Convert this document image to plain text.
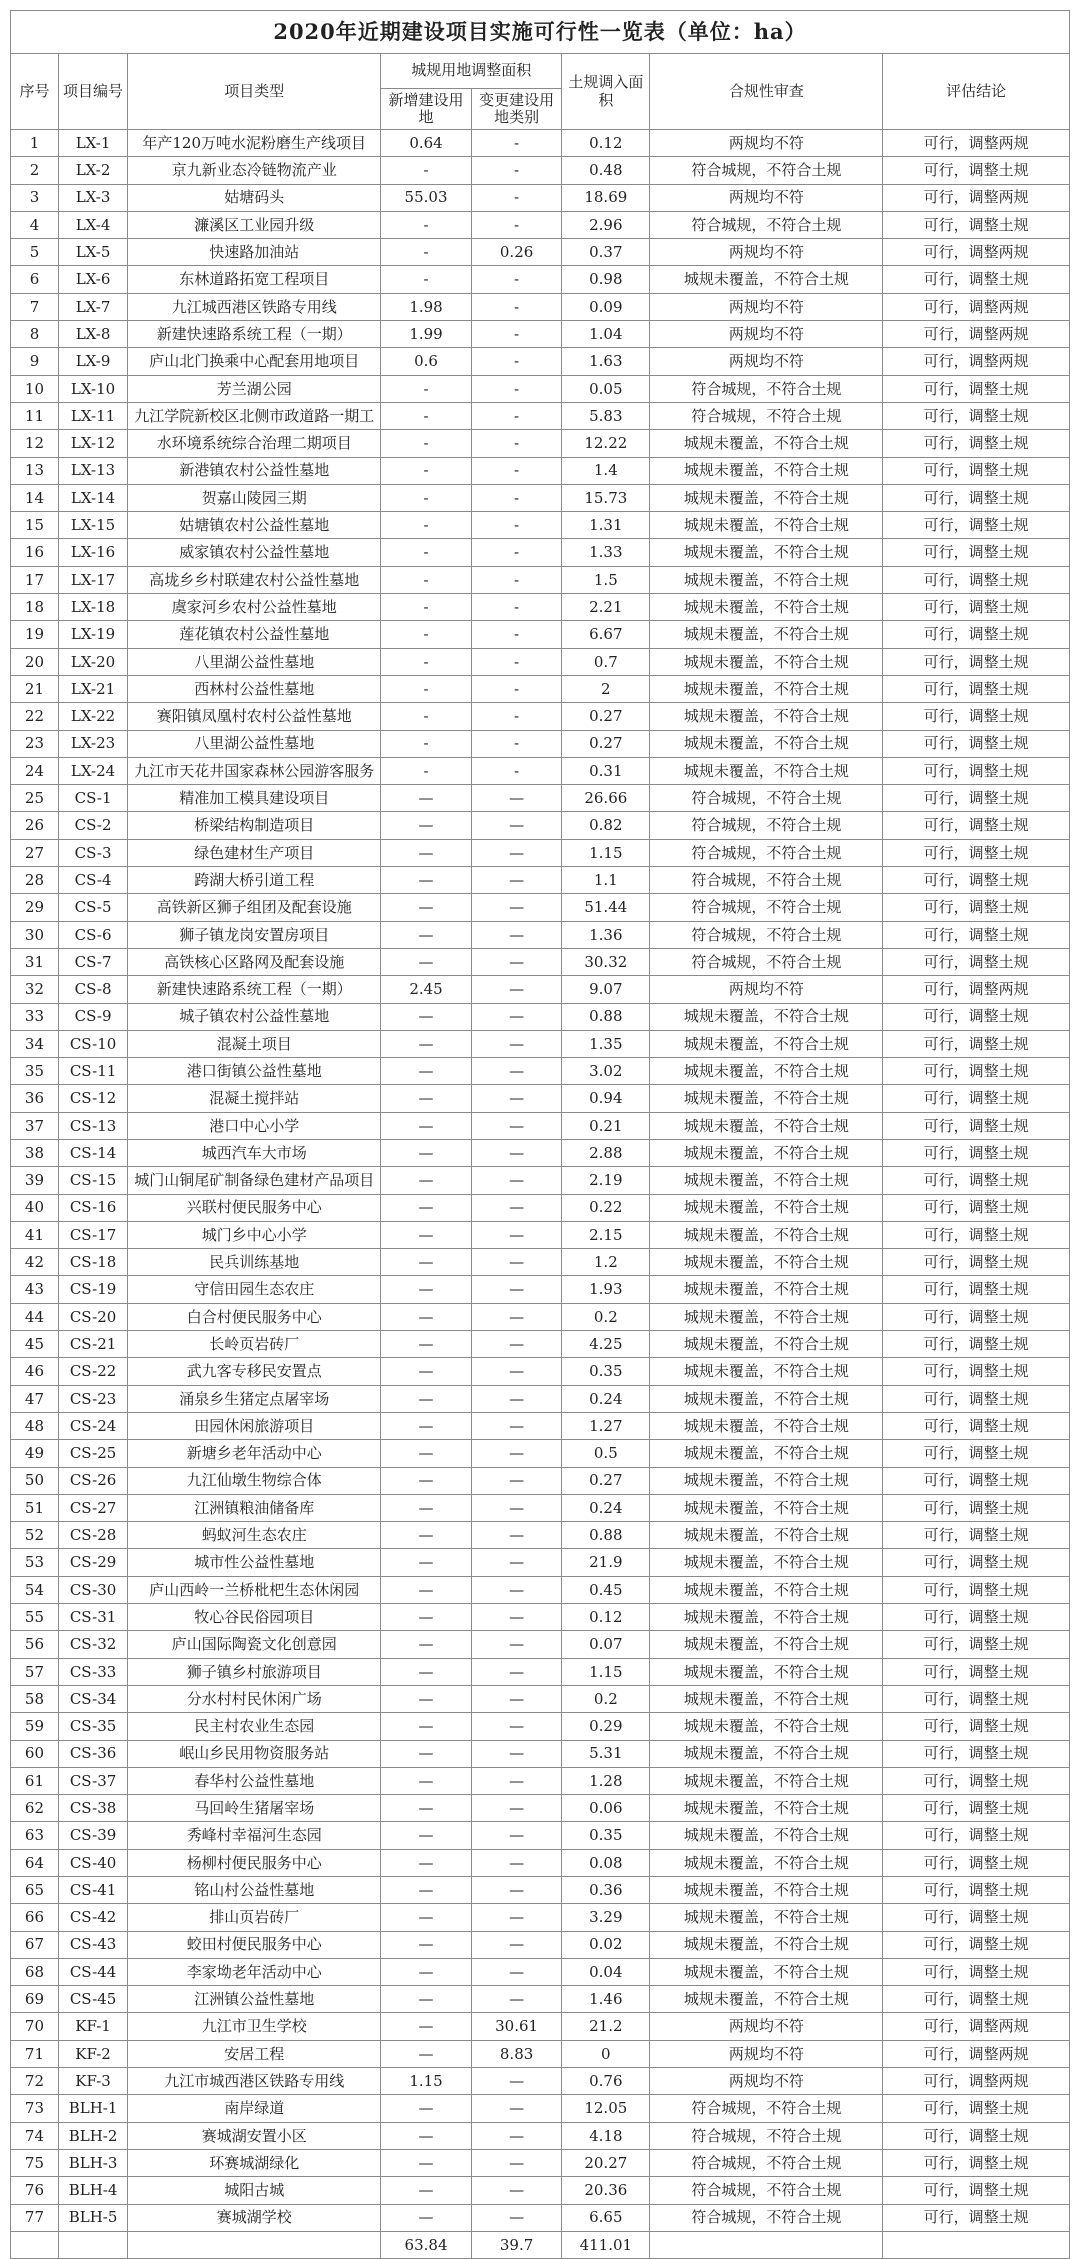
2020年近期建设项目实施可行性一览表（单位：ha）							
序号	项目编号	项目类型	城规用地调整面积		土规调入面积	合规性审查	评估结论
			新增建设用地	变更建设用地类别			
1	LX-1	年产120万吨水泥粉磨生产线项目	0.64	-	0.12	两规均不符	可行，调整两规
2	LX-2	京九新业态冷链物流产业	-	-	0.48	符合城规，不符合土规	可行，调整土规
3	LX-3	姑塘码头	55.03	-	18.69	两规均不符	可行，调整两规
4	LX-4	濂溪区工业园升级	-	-	2.96	符合城规，不符合土规	可行，调整土规
5	LX-5	快速路加油站	-	0.26	0.37	两规均不符	可行，调整两规
6	LX-6	东林道路拓宽工程项目	-	-	0.98	城规未覆盖，不符合土规	可行，调整土规
7	LX-7	九江城西港区铁路专用线	1.98	-	0.09	两规均不符	可行，调整两规
8	LX-8	新建快速路系统工程（一期）	1.99	-	1.04	两规均不符	可行，调整两规
9	LX-9	庐山北门换乘中心配套用地项目	0.6	-	1.63	两规均不符	可行，调整两规
10	LX-10	芳兰湖公园	-	-	0.05	符合城规，不符合土规	可行，调整土规
11	LX-11	九江学院新校区北侧市政道路一期工	-	-	5.83	符合城规，不符合土规	可行，调整土规
12	LX-12	水环境系统综合治理二期项目	-	-	12.22	城规未覆盖，不符合土规	可行，调整土规
13	LX-13	新港镇农村公益性墓地	-	-	1.4	城规未覆盖，不符合土规	可行，调整土规
14	LX-14	贺嘉山陵园三期	-	-	15.73	城规未覆盖，不符合土规	可行，调整土规
15	LX-15	姑塘镇农村公益性墓地	-	-	1.31	城规未覆盖，不符合土规	可行，调整土规
16	LX-16	威家镇农村公益性墓地	-	-	1.33	城规未覆盖，不符合土规	可行，调整土规
17	LX-17	高垅乡乡村联建农村公益性墓地	-	-	1.5	城规未覆盖，不符合土规	可行，调整土规
18	LX-18	虞家河乡农村公益性墓地	-	-	2.21	城规未覆盖，不符合土规	可行，调整土规
19	LX-19	莲花镇农村公益性墓地	-	-	6.67	城规未覆盖，不符合土规	可行，调整土规
20	LX-20	八里湖公益性墓地	-	-	0.7	城规未覆盖，不符合土规	可行，调整土规
21	LX-21	西林村公益性墓地	-	-	2	城规未覆盖，不符合土规	可行，调整土规
22	LX-22	赛阳镇凤凰村农村公益性墓地	-	-	0.27	城规未覆盖，不符合土规	可行，调整土规
23	LX-23	八里湖公益性墓地	-	-	0.27	城规未覆盖，不符合土规	可行，调整土规
24	LX-24	九江市天花井国家森林公园游客服务	-	-	0.31	城规未覆盖，不符合土规	可行，调整土规
25	CS-1	精准加工模具建设项目	—	—	26.66	符合城规，不符合土规	可行，调整土规
26	CS-2	桥梁结构制造项目	—	—	0.82	符合城规，不符合土规	可行，调整土规
27	CS-3	绿色建材生产项目	—	—	1.15	符合城规，不符合土规	可行，调整土规
28	CS-4	跨湖大桥引道工程	—	—	1.1	符合城规，不符合土规	可行，调整土规
29	CS-5	高铁新区狮子组团及配套设施	—	—	51.44	符合城规，不符合土规	可行，调整土规
30	CS-6	狮子镇龙岗安置房项目	—	—	1.36	符合城规，不符合土规	可行，调整土规
31	CS-7	高铁核心区路网及配套设施	—	—	30.32	符合城规，不符合土规	可行，调整土规
32	CS-8	新建快速路系统工程（一期）	2.45	—	9.07	两规均不符	可行，调整两规
33	CS-9	城子镇农村公益性墓地	—	—	0.88	城规未覆盖，不符合土规	可行，调整土规
34	CS-10	混凝土项目	—	—	1.35	城规未覆盖，不符合土规	可行，调整土规
35	CS-11	港口街镇公益性墓地	—	—	3.02	城规未覆盖，不符合土规	可行，调整土规
36	CS-12	混凝土搅拌站	—	—	0.94	城规未覆盖，不符合土规	可行，调整土规
37	CS-13	港口中心小学	—	—	0.21	城规未覆盖，不符合土规	可行，调整土规
38	CS-14	城西汽车大市场	—	—	2.88	城规未覆盖，不符合土规	可行，调整土规
39	CS-15	城门山铜尾矿制备绿色建材产品项目	—	—	2.19	城规未覆盖，不符合土规	可行，调整土规
40	CS-16	兴联村便民服务中心	—	—	0.22	城规未覆盖，不符合土规	可行，调整土规
41	CS-17	城门乡中心小学	—	—	2.15	城规未覆盖，不符合土规	可行，调整土规
42	CS-18	民兵训练基地	—	—	1.2	城规未覆盖，不符合土规	可行，调整土规
43	CS-19	守信田园生态农庄	—	—	1.93	城规未覆盖，不符合土规	可行，调整土规
44	CS-20	白合村便民服务中心	—	—	0.2	城规未覆盖，不符合土规	可行，调整土规
45	CS-21	长岭页岩砖厂	—	—	4.25	城规未覆盖，不符合土规	可行，调整土规
46	CS-22	武九客专移民安置点	—	—	0.35	城规未覆盖，不符合土规	可行，调整土规
47	CS-23	涌泉乡生猪定点屠宰场	—	—	0.24	城规未覆盖，不符合土规	可行，调整土规
48	CS-24	田园休闲旅游项目	—	—	1.27	城规未覆盖，不符合土规	可行，调整土规
49	CS-25	新塘乡老年活动中心	—	—	0.5	城规未覆盖，不符合土规	可行，调整土规
50	CS-26	九江仙墩生物综合体	—	—	0.27	城规未覆盖，不符合土规	可行，调整土规
51	CS-27	江洲镇粮油储备库	—	—	0.24	城规未覆盖，不符合土规	可行，调整土规
52	CS-28	蚂蚁河生态农庄	—	—	0.88	城规未覆盖，不符合土规	可行，调整土规
53	CS-29	城市性公益性墓地	—	—	21.9	城规未覆盖，不符合土规	可行，调整土规
54	CS-30	庐山西岭一兰桥枇杷生态休闲园	—	—	0.45	城规未覆盖，不符合土规	可行，调整土规
55	CS-31	牧心谷民俗园项目	—	—	0.12	城规未覆盖，不符合土规	可行，调整土规
56	CS-32	庐山国际陶瓷文化创意园	—	—	0.07	城规未覆盖，不符合土规	可行，调整土规
57	CS-33	狮子镇乡村旅游项目	—	—	1.15	城规未覆盖，不符合土规	可行，调整土规
58	CS-34	分水村村民休闲广场	—	—	0.2	城规未覆盖，不符合土规	可行，调整土规
59	CS-35	民主村农业生态园	—	—	0.29	城规未覆盖，不符合土规	可行，调整土规
60	CS-36	岷山乡民用物资服务站	—	—	5.31	城规未覆盖，不符合土规	可行，调整土规
61	CS-37	春华村公益性墓地	—	—	1.28	城规未覆盖，不符合土规	可行，调整土规
62	CS-38	马回岭生猪屠宰场	—	—	0.06	城规未覆盖，不符合土规	可行，调整土规
63	CS-39	秀峰村幸福河生态园	—	—	0.35	城规未覆盖，不符合土规	可行，调整土规
64	CS-40	杨柳村便民服务中心	—	—	0.08	城规未覆盖，不符合土规	可行，调整土规
65	CS-41	铭山村公益性墓地	—	—	0.36	城规未覆盖，不符合土规	可行，调整土规
66	CS-42	排山页岩砖厂	—	—	3.29	城规未覆盖，不符合土规	可行，调整土规
67	CS-43	蛟田村便民服务中心	—	—	0.02	城规未覆盖，不符合土规	可行，调整土规
68	CS-44	李家坳老年活动中心	—	—	0.04	城规未覆盖，不符合土规	可行，调整土规
69	CS-45	江洲镇公益性墓地	—	—	1.46	城规未覆盖，不符合土规	可行，调整土规
70	KF-1	九江市卫生学校	—	30.61	21.2	两规均不符	可行，调整两规
71	KF-2	安居工程	—	8.83	0	两规均不符	可行，调整两规
72	KF-3	九江市城西港区铁路专用线	1.15	—	0.76	两规均不符	可行，调整两规
73	BLH-1	南岸绿道	—	—	12.05	符合城规，不符合土规	可行，调整土规
74	BLH-2	赛城湖安置小区	—	—	4.18	符合城规，不符合土规	可行，调整土规
75	BLH-3	环赛城湖绿化	—	—	20.27	符合城规，不符合土规	可行，调整土规
76	BLH-4	城阳古城	—	—	20.36	符合城规，不符合土规	可行，调整土规
77	BLH-5	赛城湖学校	—	—	6.65	符合城规，不符合土规	可行，调整土规
			63.84	39.7	411.01		
